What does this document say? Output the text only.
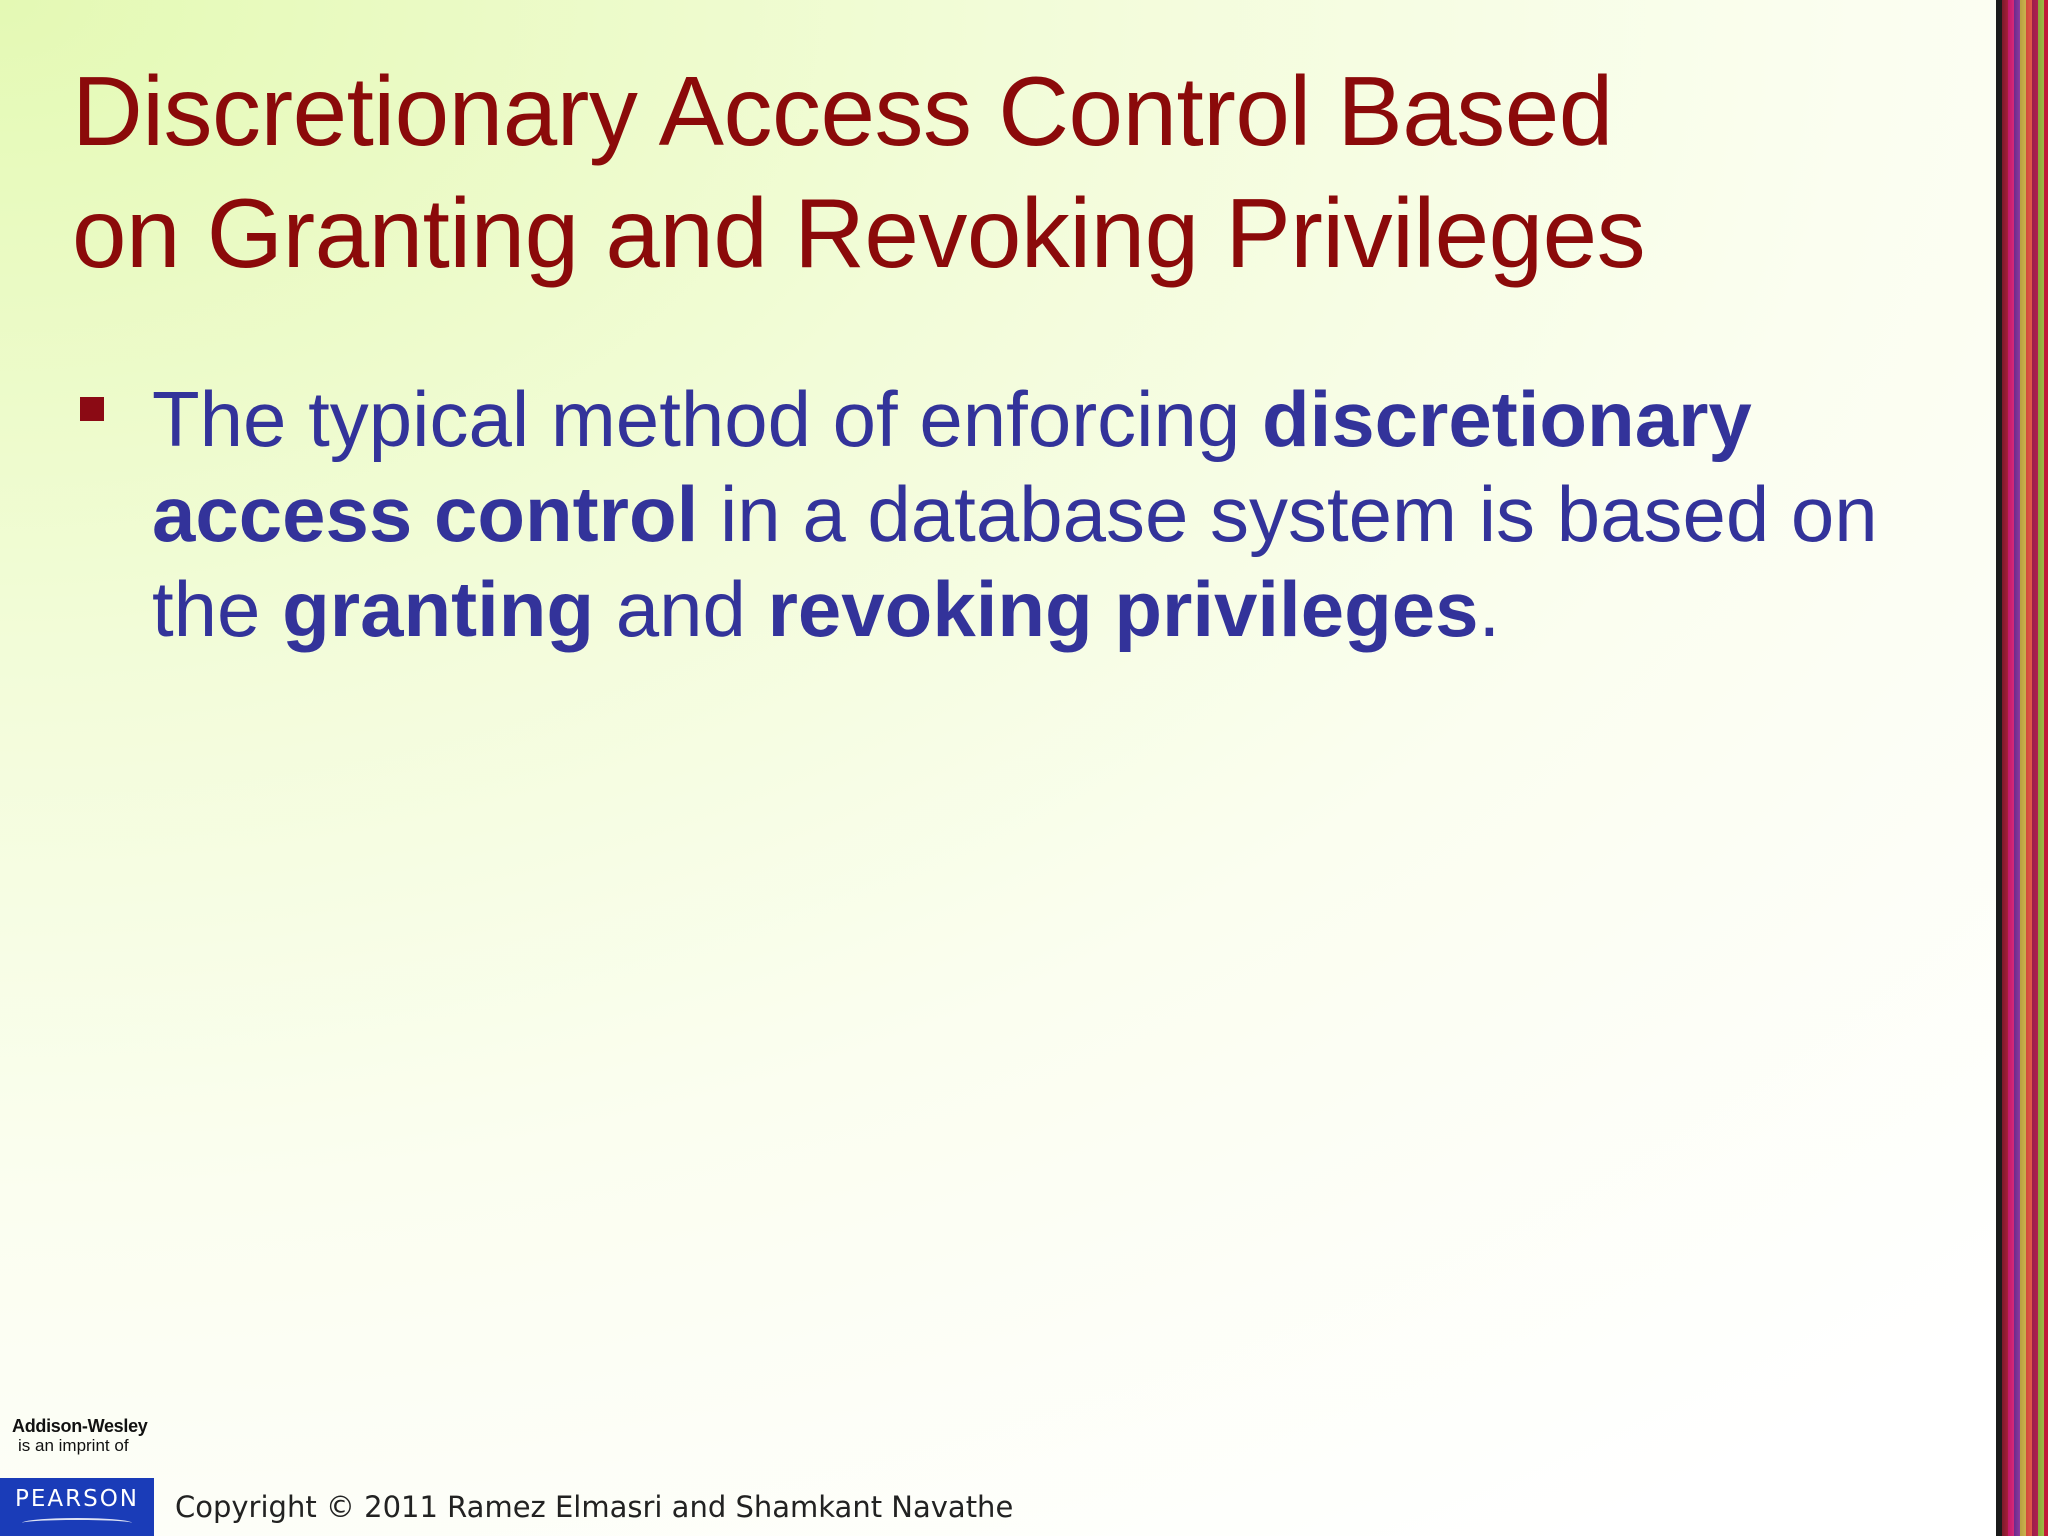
Discretionary Access Control Based
on Granting and Revoking Privileges

The typical method of enforcing discretionary access control in a database system is based on the granting and revoking privileges.

Addison-Wesley
is an imprint of
PEARSON	Copyright © 2011 Ramez Elmasri and Shamkant Navathe
